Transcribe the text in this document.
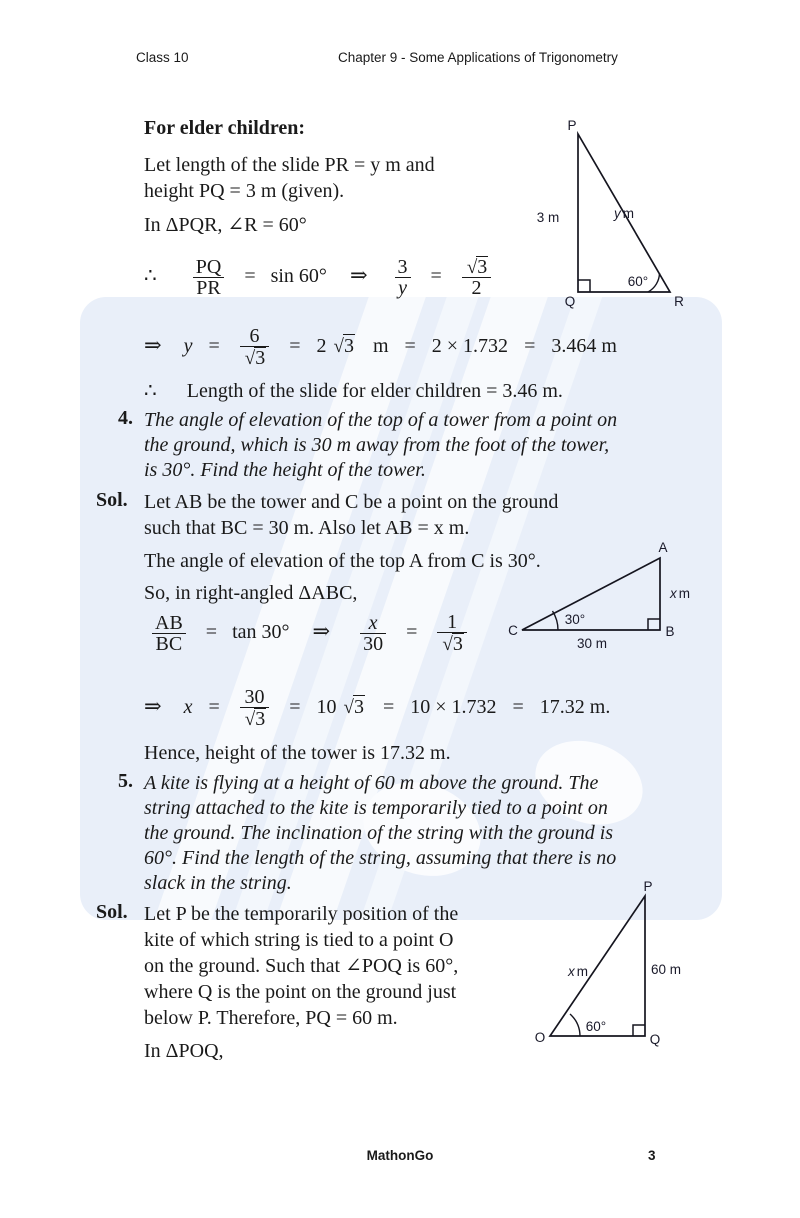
Class 10	Chapter 9 - Some Applications of Trigonometry
For elder children:
Let length of the slide PR = y m and
height PQ = 3 m (given).
In ΔPQR, ∠R = 60°
∴ $\frac{PQ}{PR} = \sin 60^\circ$ ⇒ $\frac{3}{y} = \frac{√3}{2}$
⇒ $y = \frac{6}{√3} = 2$ √3 m = 2 × 1.732 = 3.464 m
∴ Length of the slide for elder children = 3.46 m.
4. The angle of elevation of the top of a tower from a point on
the ground, which is 30 m away from the foot of the tower,
is 30°. Find the height of the tower.
Sol. Let AB be the tower and C be a point on the ground
such that BC = 30 m. Also let AB = x m.
The angle of elevation of the top A from C is 30°.
So, in right-angled ΔABC,
$\frac{AB}{BC} = \tan 30^\circ$ ⇒ $\frac{x}{30} = \frac{1}{√3}$
⇒ $x = \frac{30}{√3} = 10$ √3 = 10 × 1.732 = 17.32 m.
Hence, height of the tower is 17.32 m.
5. A kite is flying at a height of 60 m above the ground. The
string attached to the kite is temporarily tied to a point on
the ground. The inclination of the string with the ground is
60°. Find the length of the string, assuming that there is no
slack in the string.
Sol. Let P be the temporarily position of the
kite of which string is tied to a point O
on the ground. Such that ∠POQ is 60°,
where Q is the point on the ground just
below P. Therefore, PQ = 60 m.
In ΔPOQ,
P
Q	R
3 m	y m
60°
A
C	B
x m
30 m
30°
P
O	Q
x m	60 m
60°
MathonGo	3
